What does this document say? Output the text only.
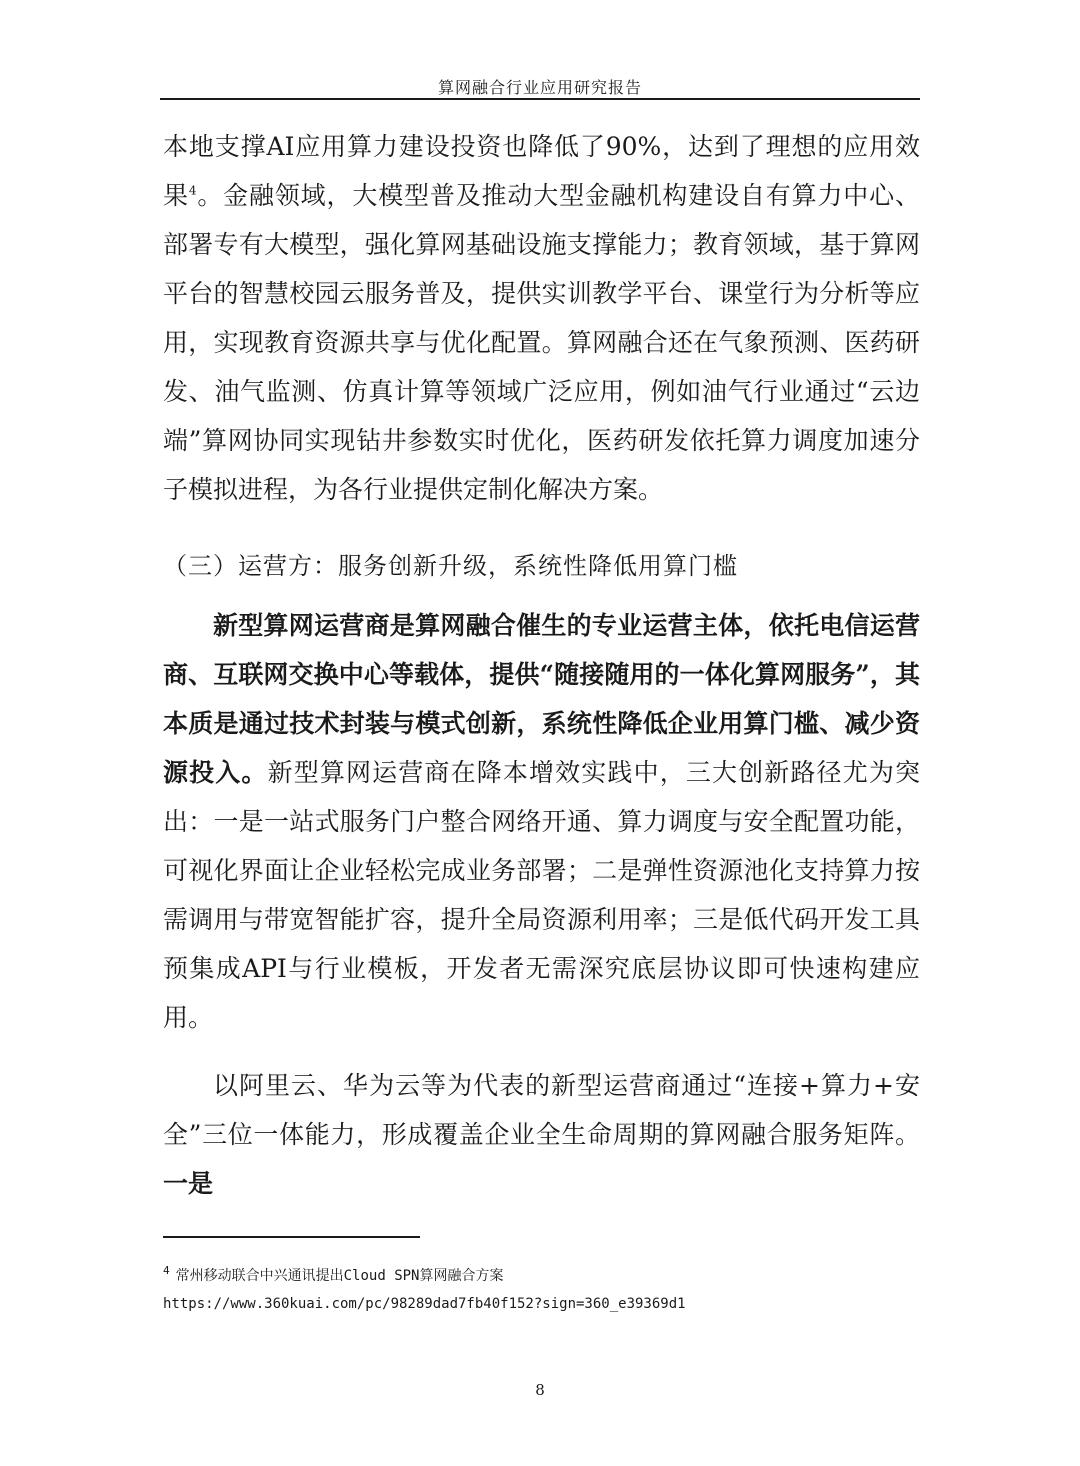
算网融合行业应用研究报告

本地支撑AI应用算力建设投资也降低了90%，达到了理想的应用效果$^4$。金融领域，大模型普及推动大型金融机构建设自有算力中心、部署专有大模型，强化算网基础设施支撑能力；教育领域，基于算网平台的智慧校园云服务普及，提供实训教学平台、课堂行为分析等应用，实现教育资源共享与优化配置。算网融合还在气象预测、医药研发、油气监测、仿真计算等领域广泛应用，例如油气行业通过“云边端”算网协同实现钻井参数实时优化，医药研发依托算力调度加速分子模拟进程，为各行业提供定制化解决方案。

（三）运营方：服务创新升级，系统性降低用算门槛

新型算网运营商是算网融合催生的专业运营主体，依托电信运营商、互联网交换中心等载体，提供“随接随用的一体化算网服务”，其本质是通过技术封装与模式创新，系统性降低企业用算门槛、减少资源投入。新型算网运营商在降本增效实践中，三大创新路径尤为突出：一是一站式服务门户整合网络开通、算力调度与安全配置功能，可视化界面让企业轻松完成业务部署；二是弹性资源池化支持算力按需调用与带宽智能扩容，提升全局资源利用率；三是低代码开发工具预集成API与行业模板，开发者无需深究底层协议即可快速构建应用。

以阿里云、华为云等为代表的新型运营商通过“连接+算力+安全”三位一体能力，形成覆盖企业全生命周期的算网融合服务矩阵。一是

$^4$ 常州移动联合中兴通讯提出Cloud SPN算网融合方案
https://www.360kuai.com/pc/98289dad7fb40f152?sign=360_e39369d1
8
